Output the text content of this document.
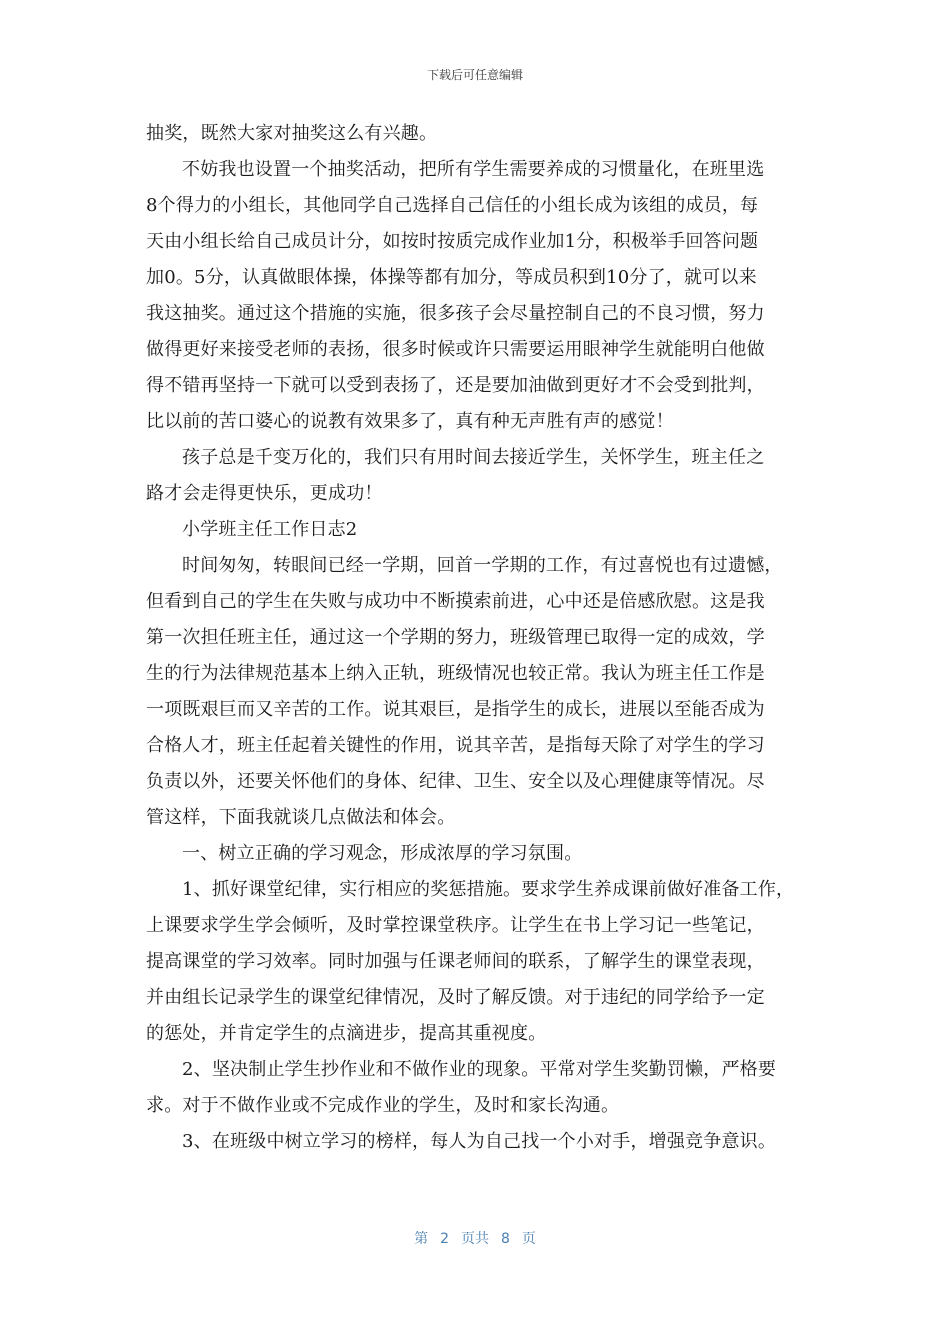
下载后可任意编辑
抽奖，既然大家对抽奖这么有兴趣。
不妨我也设置一个抽奖活动，把所有学生需要养成的习惯量化，在班里选
8个得力的小组长，其他同学自己选择自己信任的小组长成为该组的成员，每
天由小组长给自己成员计分，如按时按质完成作业加1分，积极举手回答问题
加0。5分，认真做眼体操，体操等都有加分，等成员积到10分了，就可以来
我这抽奖。通过这个措施的实施，很多孩子会尽量控制自己的不良习惯，努力
做得更好来接受老师的表扬，很多时候或许只需要运用眼神学生就能明白他做
得不错再坚持一下就可以受到表扬了，还是要加油做到更好才不会受到批判，
比以前的苦口婆心的说教有效果多了，真有种无声胜有声的感觉！
孩子总是千变万化的，我们只有用时间去接近学生，关怀学生，班主任之
路才会走得更快乐，更成功！
小学班主任工作日志2
时间匆匆，转眼间已经一学期，回首一学期的工作，有过喜悦也有过遗憾，
但看到自己的学生在失败与成功中不断摸索前进，心中还是倍感欣慰。这是我
第一次担任班主任，通过这一个学期的努力，班级管理已取得一定的成效，学
生的行为法律规范基本上纳入正轨，班级情况也较正常。我认为班主任工作是
一项既艰巨而又辛苦的工作。说其艰巨，是指学生的成长，进展以至能否成为
合格人才，班主任起着关键性的作用，说其辛苦，是指每天除了对学生的学习
负责以外，还要关怀他们的身体、纪律、卫生、安全以及心理健康等情况。尽
管这样，下面我就谈几点做法和体会。
一、树立正确的学习观念，形成浓厚的学习氛围。
1、抓好课堂纪律，实行相应的奖惩措施。要求学生养成课前做好准备工作，
上课要求学生学会倾听，及时掌控课堂秩序。让学生在书上学习记一些笔记，
提高课堂的学习效率。同时加强与任课老师间的联系，了解学生的课堂表现，
并由组长记录学生的课堂纪律情况，及时了解反馈。对于违纪的同学给予一定
的惩处，并肯定学生的点滴进步，提高其重视度。
2、坚决制止学生抄作业和不做作业的现象。平常对学生奖勤罚懒，严格要
求。对于不做作业或不完成作业的学生，及时和家长沟通。
3、在班级中树立学习的榜样，每人为自己找一个小对手，增强竞争意识。
第 2 页共 8 页
